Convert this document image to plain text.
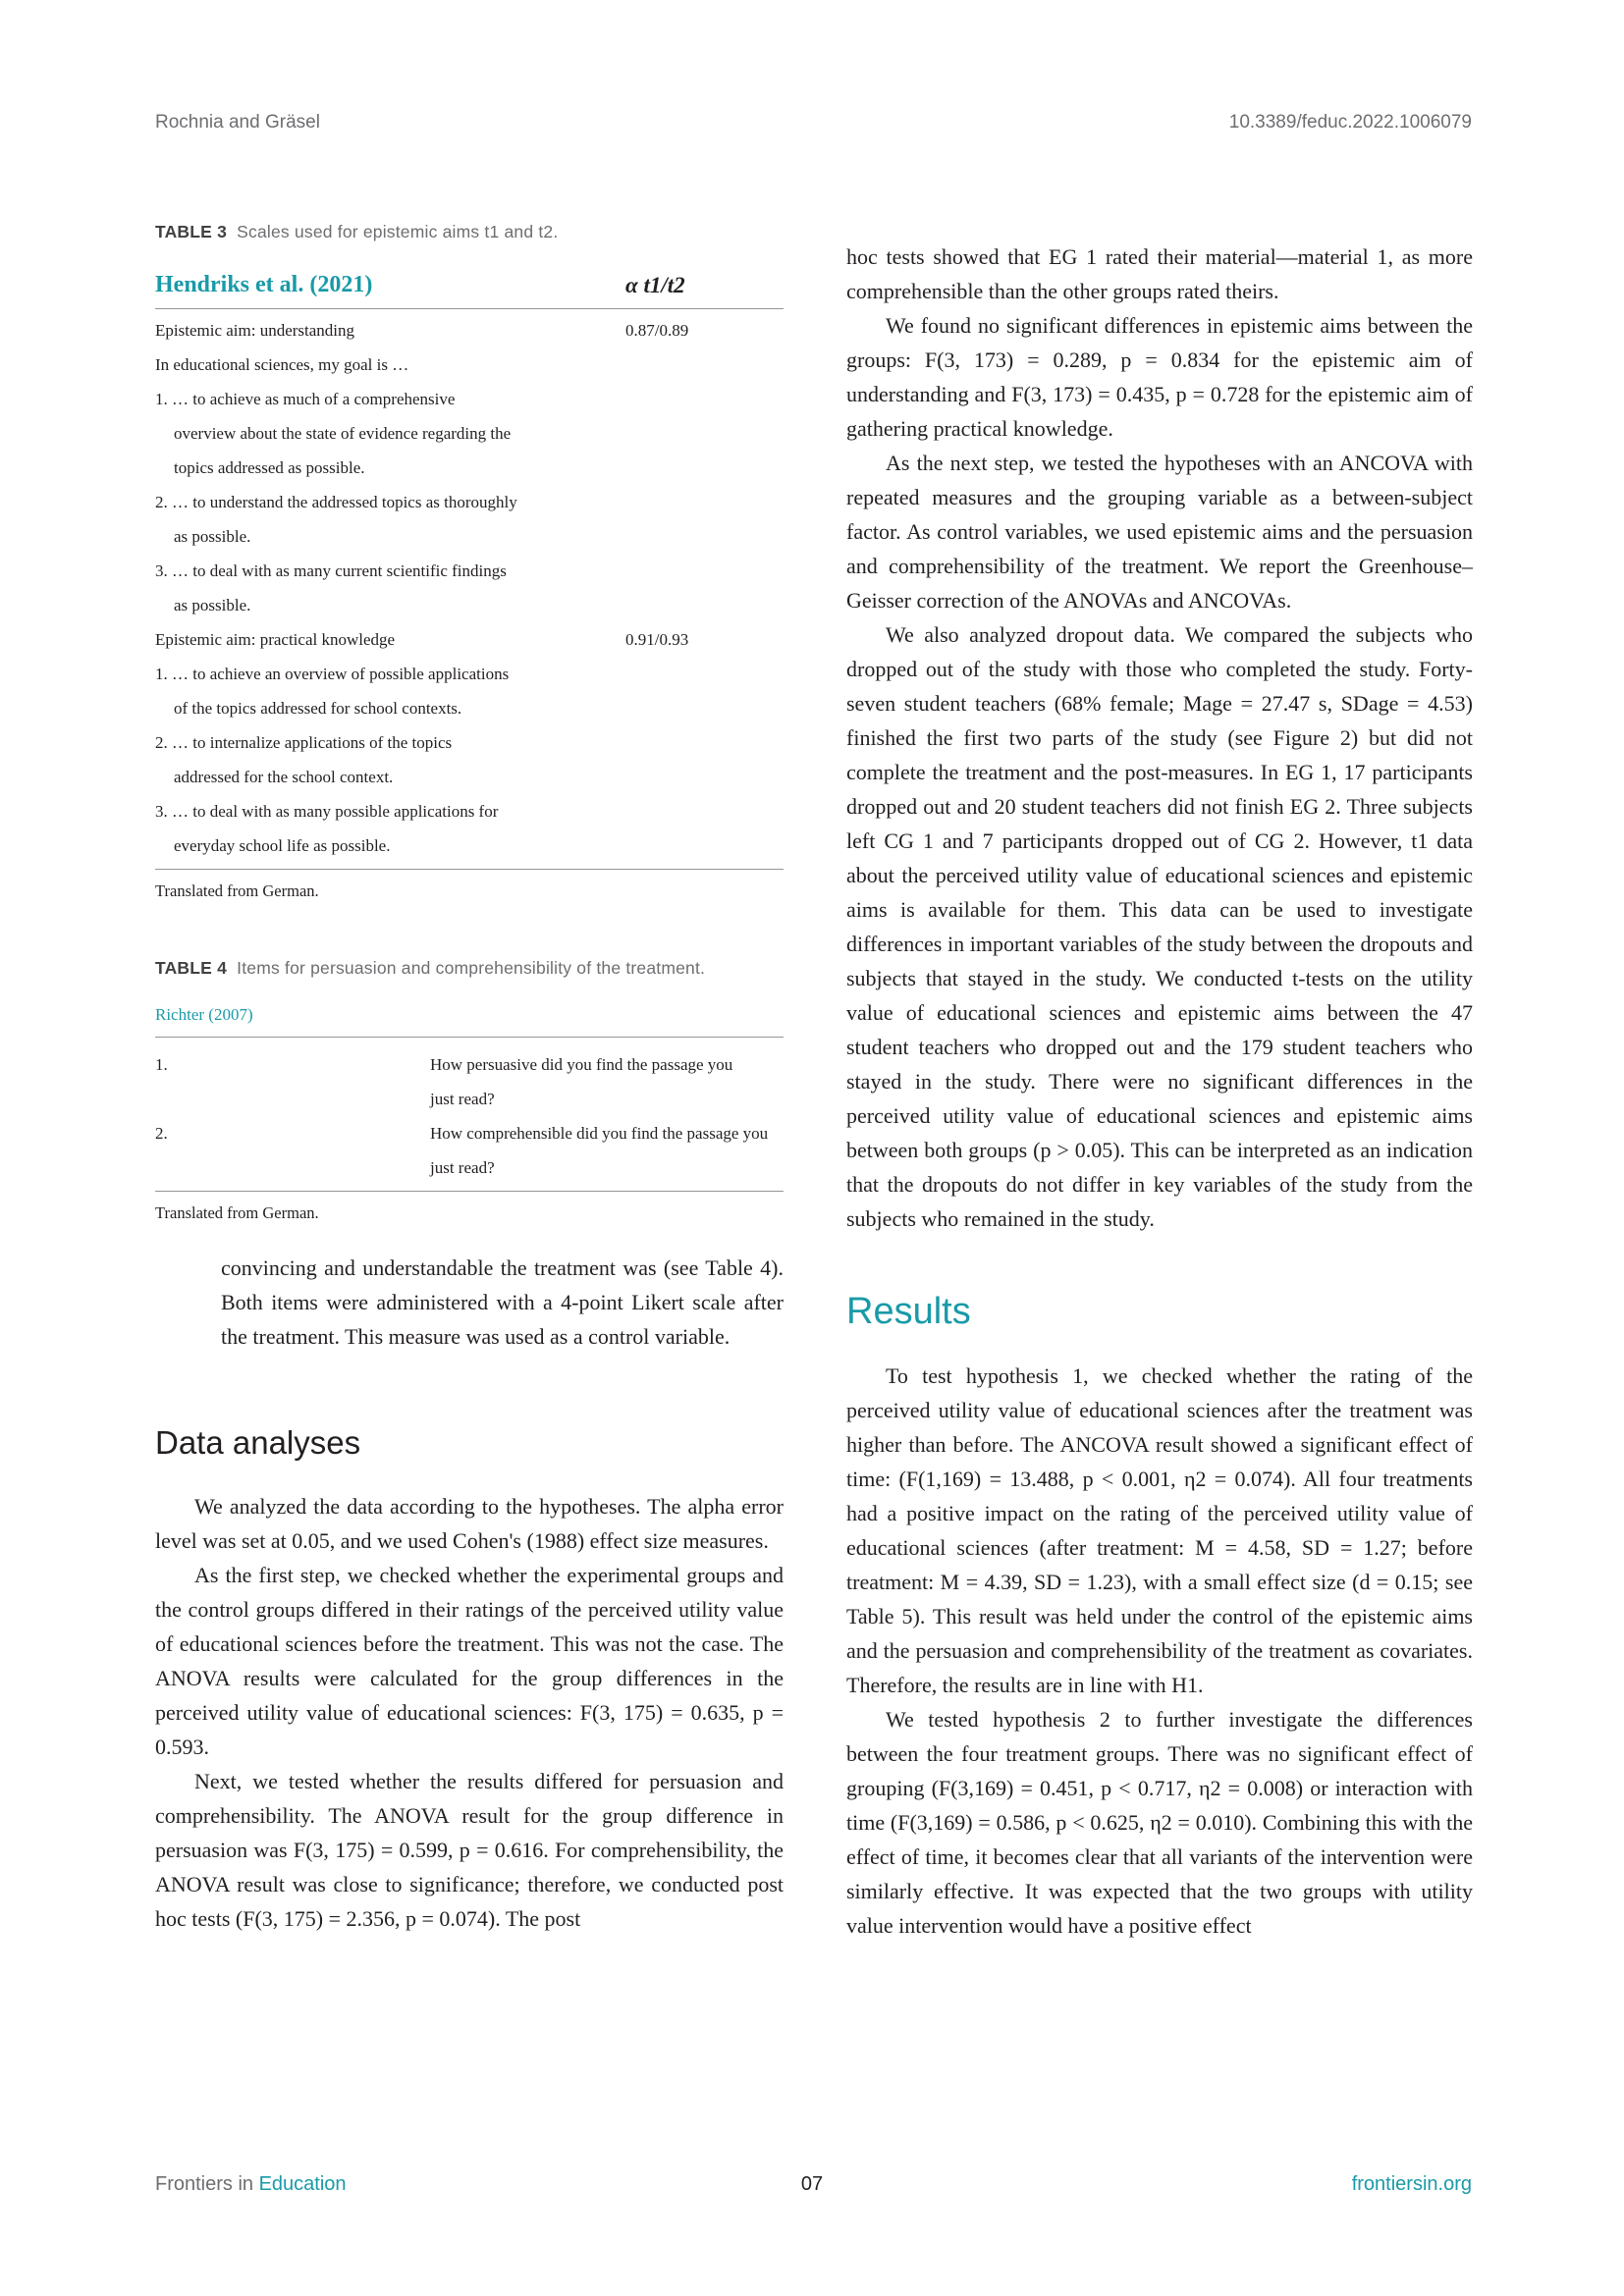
Rochnia and Gräsel	10.3389/feduc.2022.1006079
TABLE 3 Scales used for epistemic aims t1 and t2.
Hendriks et al. (2021)	α t1/t2
Epistemic aim: understanding	0.87/0.89
In educational sciences, my goal is …
1. … to achieve as much of a comprehensive overview about the state of evidence regarding the topics addressed as possible.
2. … to understand the addressed topics as thoroughly as possible.
3. … to deal with as many current scientific findings as possible.
Epistemic aim: practical knowledge	0.91/0.93
1. … to achieve an overview of possible applications of the topics addressed for school contexts.
2. … to internalize applications of the topics addressed for the school context.
3. … to deal with as many possible applications for everyday school life as possible.
Translated from German.
TABLE 4 Items for persuasion and comprehensibility of the treatment.
Richter (2007)
1.	How persuasive did you find the passage you just read?
2.	How comprehensible did you find the passage you just read?
Translated from German.

convincing and understandable the treatment was (see Table 4). Both items were administered with a 4-point Likert scale after the treatment. This measure was used as a control variable.

Data analyses

We analyzed the data according to the hypotheses. The alpha error level was set at 0.05, and we used Cohen's (1988) effect size measures.

As the first step, we checked whether the experimental groups and the control groups differed in their ratings of the perceived utility value of educational sciences before the treatment. This was not the case. The ANOVA results were calculated for the group differences in the perceived utility value of educational sciences: F(3, 175) = 0.635, p = 0.593.

Next, we tested whether the results differed for persuasion and comprehensibility. The ANOVA result for the group difference in persuasion was F(3, 175) = 0.599, p = 0.616. For comprehensibility, the ANOVA result was close to significance; therefore, we conducted post hoc tests (F(3, 175) = 2.356, p = 0.074). The post

hoc tests showed that EG 1 rated their material—material 1, as more comprehensible than the other groups rated theirs.

We found no significant differences in epistemic aims between the groups: F(3, 173) = 0.289, p = 0.834 for the epistemic aim of understanding and F(3, 173) = 0.435, p = 0.728 for the epistemic aim of gathering practical knowledge.

As the next step, we tested the hypotheses with an ANCOVA with repeated measures and the grouping variable as a between-subject factor. As control variables, we used epistemic aims and the persuasion and comprehensibility of the treatment. We report the Greenhouse–Geisser correction of the ANOVAs and ANCOVAs.

We also analyzed dropout data. We compared the subjects who dropped out of the study with those who completed the study. Forty-seven student teachers (68% female; Mage = 27.47 s, SDage = 4.53) finished the first two parts of the study (see Figure 2) but did not complete the treatment and the post-measures. In EG 1, 17 participants dropped out and 20 student teachers did not finish EG 2. Three subjects left CG 1 and 7 participants dropped out of CG 2. However, t1 data about the perceived utility value of educational sciences and epistemic aims is available for them. This data can be used to investigate differences in important variables of the study between the dropouts and subjects that stayed in the study. We conducted t-tests on the utility value of educational sciences and epistemic aims between the 47 student teachers who dropped out and the 179 student teachers who stayed in the study. There were no significant differences in the perceived utility value of educational sciences and epistemic aims between both groups (p > 0.05). This can be interpreted as an indication that the dropouts do not differ in key variables of the study from the subjects who remained in the study.

Results

To test hypothesis 1, we checked whether the rating of the perceived utility value of educational sciences after the treatment was higher than before. The ANCOVA result showed a significant effect of time: (F(1,169) = 13.488, p < 0.001, η2 = 0.074). All four treatments had a positive impact on the rating of the perceived utility value of educational sciences (after treatment: M = 4.58, SD = 1.27; before treatment: M = 4.39, SD = 1.23), with a small effect size (d = 0.15; see Table 5). This result was held under the control of the epistemic aims and the persuasion and comprehensibility of the treatment as covariates. Therefore, the results are in line with H1.

We tested hypothesis 2 to further investigate the differences between the four treatment groups. There was no significant effect of grouping (F(3,169) = 0.451, p < 0.717, η2 = 0.008) or interaction with time (F(3,169) = 0.586, p < 0.625, η2 = 0.010). Combining this with the effect of time, it becomes clear that all variants of the intervention were similarly effective. It was expected that the two groups with utility value intervention would have a positive effect

07
Frontiers in Education	frontiersin.org
